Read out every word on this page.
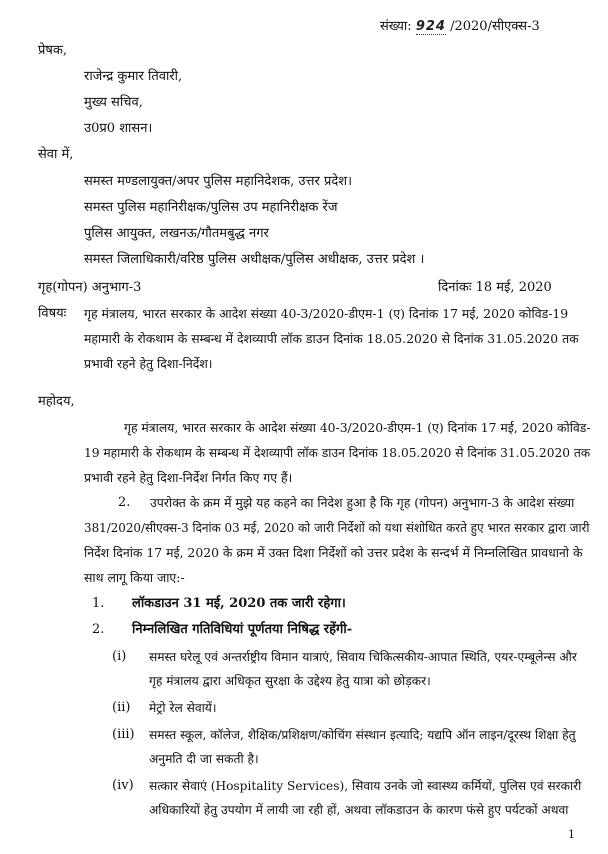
संख्या: 924 /2020/सीएक्स-3
प्रेषक,
राजेन्द्र कुमार तिवारी,
मुख्य सचिव,
उ0प्र0 शासन।
सेवा में,
समस्त मण्डलायुक्त/अपर पुलिस महानिदेशक, उत्तर प्रदेश।
समस्त पुलिस महानिरीक्षक/पुलिस उप महानिरीक्षक रेंज
पुलिस आयुक्त, लखनऊ/गौतमबुद्ध नगर
समस्त जिलाधिकारी/वरिष्ठ पुलिस अधीक्षक/पुलिस अधीक्षक, उत्तर प्रदेश ।
गृह(गोपन) अनुभाग-3	दिनांकः 18 मई, 2020
विषयः गृह मंत्रालय, भारत सरकार के आदेश संख्या 40-3/2020-डीएम-1 (ए) दिनांक 17 मई, 2020 कोविड-19
महामारी के रोकथाम के सम्बन्ध में देशव्यापी लॉक डाउन दिनांक 18.05.2020 से दिनांक 31.05.2020 तक
प्रभावी रहने हेतु दिशा-निर्देश।
महोदय,
गृह मंत्रालय, भारत सरकार के आदेश संख्या 40-3/2020-डीएम-1 (ए) दिनांक 17 मई, 2020 कोविड-
19 महामारी के रोकथाम के सम्बन्ध में देशव्यापी लॉक डाउन दिनांक 18.05.2020 से दिनांक 31.05.2020 तक
प्रभावी रहने हेतु दिशा-निर्देश निर्गत किए गए हैं।
2. उपरोक्त के क्रम में मुझे यह कहने का निदेश हुआ है कि गृह (गोपन) अनुभाग-3 के आदेश संख्या
381/2020/सीएक्स-3 दिनांक 03 मई, 2020 को जारी निर्देशों को यथा संशोधित करते हुए भारत सरकार द्वारा जारी
निर्देश दिनांक 17 मई, 2020 के क्रम में उक्त दिशा निर्देशों को उत्तर प्रदेश के सन्दर्भ में निम्नलिखित प्रावधानो के
साथ लागू किया जाए:-
1. लॉकडाउन 31 मई, 2020 तक जारी रहेगा।
2. निम्नलिखित गतिविधियां पूर्णतया निषिद्ध रहेंगी-
(i) समस्त घरेलू एवं अन्तर्राष्ट्रीय विमान यात्राएं, सिवाय चिकित्सकीय-आपात स्थिति, एयर-एम्बूलेन्स और
गृह मंत्रालय द्वारा अधिकृत सुरक्षा के उद्देश्य हेतु यात्रा को छोड़कर।
(ii) मेट्रो रेल सेवायें।
(iii) समस्त स्कूल, कॉलेज, शैक्षिक/प्रशिक्षण/कोचिंग संस्थान इत्यादि; यद्यपि ऑन लाइन/दूरस्थ शिक्षा हेतु
अनुमति दी जा सकती है।
(iv) सत्कार सेवाएं (Hospitality Services), सिवाय उनके जो स्वास्थ्य कर्मियों, पुलिस एवं सरकारी
अधिकारियों हेतु उपयोग में लायी जा रही हों, अथवा लॉकडाउन के कारण फंसे हुए पर्यटकों अथवा
1
